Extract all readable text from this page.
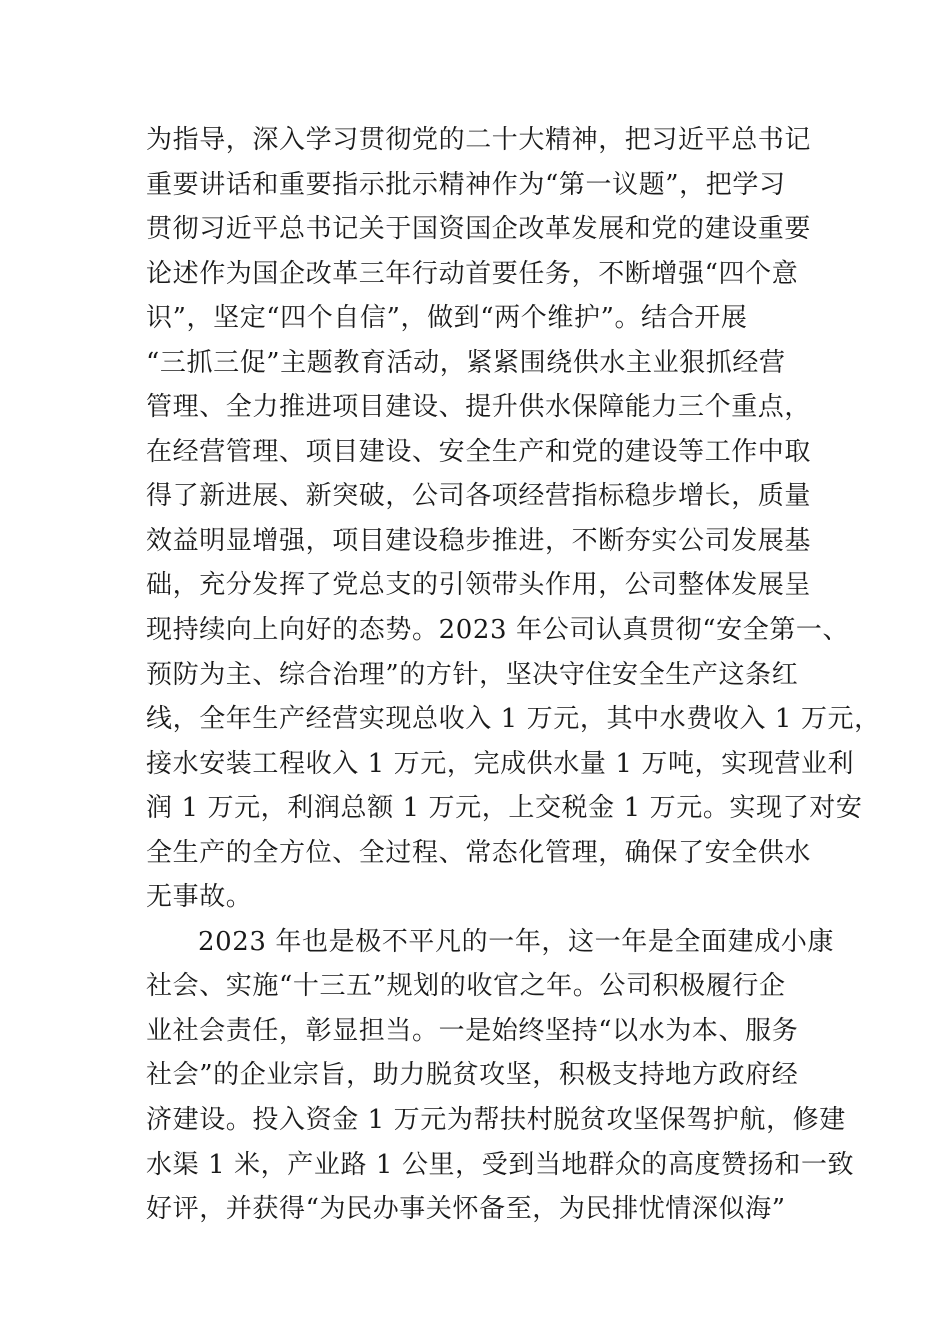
为指导，深入学习贯彻党的二十大精神，把习近平总书记
重要讲话和重要指示批示精神作为“第一议题”，把学习
贯彻习近平总书记关于国资国企改革发展和党的建设重要
论述作为国企改革三年行动首要任务，不断增强“四个意
识”，坚定“四个自信”，做到“两个维护”。结合开展
“三抓三促”主题教育活动，紧紧围绕供水主业狠抓经营
管理、全力推进项目建设、提升供水保障能力三个重点，
在经营管理、项目建设、安全生产和党的建设等工作中取
得了新进展、新突破，公司各项经营指标稳步增长，质量
效益明显增强，项目建设稳步推进，不断夯实公司发展基
础，充分发挥了党总支的引领带头作用，公司整体发展呈
现持续向上向好的态势。2023 年公司认真贯彻“安全第一、
预防为主、综合治理”的方针，坚决守住安全生产这条红
线，全年生产经营实现总收入 1 万元，其中水费收入 1 万元，
接水安装工程收入 1 万元，完成供水量 1 万吨，实现营业利
润 1 万元，利润总额 1 万元，上交税金 1 万元。实现了对安
全生产的全方位、全过程、常态化管理，确保了安全供水
无事故。
2023 年也是极不平凡的一年，这一年是全面建成小康
社会、实施“十三五”规划的收官之年。公司积极履行企
业社会责任，彰显担当。一是始终坚持“以水为本、服务
社会”的企业宗旨，助力脱贫攻坚，积极支持地方政府经
济建设。投入资金 1 万元为帮扶村脱贫攻坚保驾护航，修建
水渠 1 米，产业路 1 公里，受到当地群众的高度赞扬和一致
好评，并获得“为民办事关怀备至，为民排忧情深似海”
